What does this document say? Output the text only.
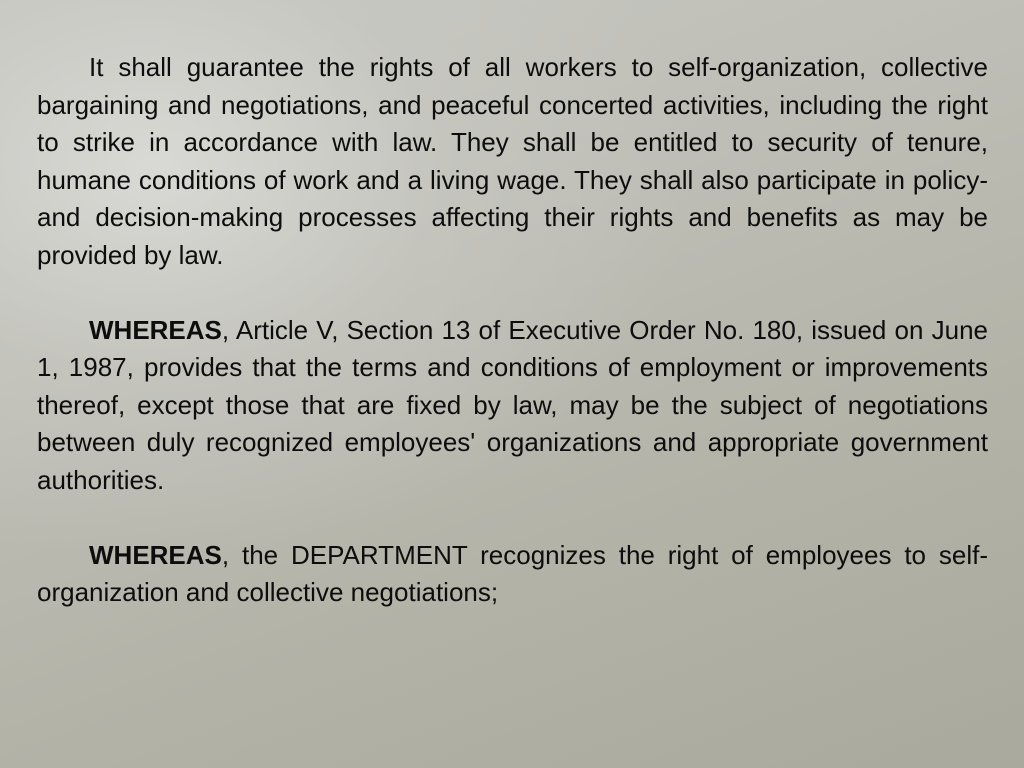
It shall guarantee the rights of all workers to self-organization, collective bargaining and negotiations, and peaceful concerted activities, including the right to strike in accordance with law. They shall be entitled to security of tenure, humane conditions of work and a living wage. They shall also participate in policy- and decision-making processes affecting their rights and benefits as may be provided by law.

WHEREAS, Article V, Section 13 of Executive Order No. 180, issued on June 1, 1987, provides that the terms and conditions of employment or improvements thereof, except those that are fixed by law, may be the subject of negotiations between duly recognized employees' organizations and appropriate government authorities.

WHEREAS, the DEPARTMENT recognizes the right of employees to self- organization and collective negotiations;
